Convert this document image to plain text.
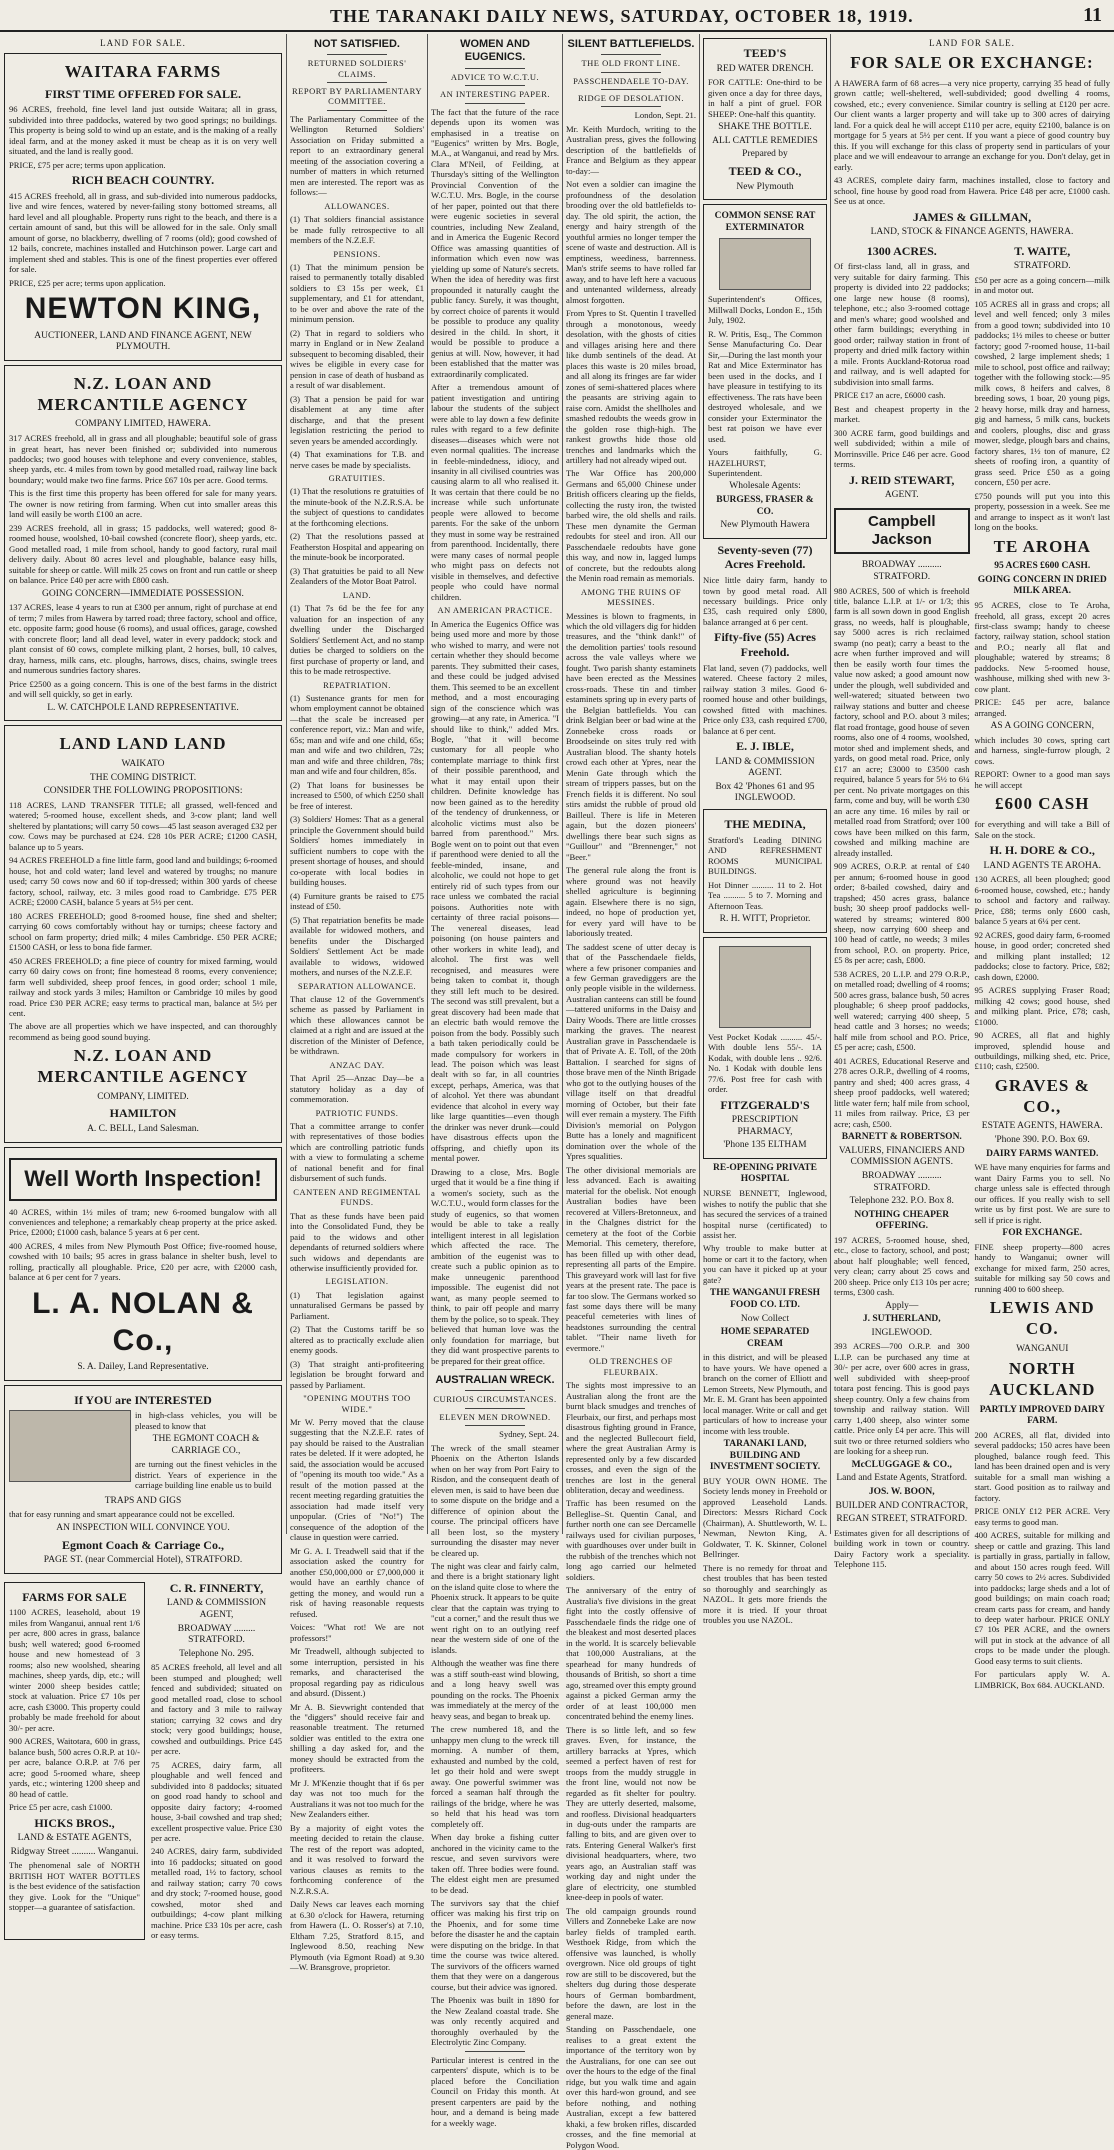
THE TARANAKI DAILY NEWS, SATURDAY, OCTOBER 18, 1919.	11
LAND FOR SALE.
WAITARA FARMS
FIRST TIME OFFERED FOR SALE.

96 ACRES, freehold, fine level land just outside Waitara; all in grass, subdivided into three paddocks, watered by two good springs; no buildings. This property is being sold to wind up an estate, and is the making of a really ideal farm, and at the money asked it must be cheap as it is on very well situated, and the land is really good.

PRICE, £75 per acre; terms upon application.

RICH BEACH COUNTRY.

415 ACRES freehold, all in grass, and sub-divided into numerous paddocks, live and wire fences, watered by never-failing stony bottomed streams, all hard level and all ploughable. Property runs right to the beach, and there is a certain amount of sand, but this will be allowed for in the sale. Only small amount of gorse, no blackberry, dwelling of 7 rooms (old); good cowshed of 12 bails, concrete, machines installed and Hutchinson power. Large cart and implement shed and stables. This is one of the finest properties ever offered for sale.

PRICE, £25 per acre; terms upon application.

NEWTON KING,
AUCTIONEER, LAND AND FINANCE AGENT, NEW PLYMOUTH.
N.Z. LOAN AND MERCANTILE AGENCY
COMPANY LIMITED, HAWERA.

317 ACRES freehold, all in grass and all ploughable; beautiful sole of grass in great heart, has never been finished or; subdivided into numerous paddocks; two good houses with telephone and every convenience, stables, sheep yards, etc. 4 miles from town by good metalled road, railway line back boundary; would make two fine farms. Price £67 10s per acre. Good terms.

This is the first time this property has been offered for sale for many years. The owner is now retiring from farming. When cut into smaller areas this land will easily be worth £100 an acre.

239 ACRES freehold, all in grass; 15 paddocks, well watered; good 8-roomed house, woolshed, 10-bail cowshed (concrete floor), sheep yards, etc. Good metalled road, 1 mile from school, handy to good factory, rural mail delivery daily. About 80 acres level and ploughable, balance easy hills, suitable for sheep or cattle. Will milk 25 cows on front and run cattle or sheep on balance. Price £40 per acre with £800 cash.

GOING CONCERN—IMMEDIATE POSSESSION.

137 ACRES, lease 4 years to run at £300 per annum, right of purchase at end of term; 7 miles from Hawera by tarred road; three factory, school and office, etc. opposite farm; good house (6 rooms), and usual offices, garage, cowshed with concrete floor; land all dead level, water in every paddock; stock and plant consist of 60 cows, complete milking plant, 2 horses, bull, 10 calves, dray, harness, milk cans, etc. ploughs, harrows, discs, chains, swingle trees and numerous sundries factory shares.

Price £2500 as a going concern. This is one of the best farms in the district and will sell quickly, so get in early.

L. W. CATCHPOLE LAND REPRESENTATIVE.
LAND LAND LAND
WAIKATO
THE COMING DISTRICT.
CONSIDER THE FOLLOWING PROPOSITIONS:

118 ACRES, LAND TRANSFER TITLE; all grassed, well-fenced and watered; 5-roomed house, excellent sheds, and 3-cow plant; land well sheltered by plantations; will carry 50 cows—45 last season averaged £32 per cow. Cows may be purchased at £24. £28 10s PER ACRE; £1200 CASH, balance up to 5 years.

94 ACRES FREEHOLD a fine little farm, good land and buildings; 6-roomed house, hot and cold water; land level and watered by troughs; no manure used; carry 50 cows now and 60 if top-dressed; within 300 yards of cheese factory, school, railway, etc. 3 miles good road to Cambridge. £75 PER ACRE; £2000 CASH, balance 5 years at 5½ per cent.

180 ACRES FREEHOLD; good 8-roomed house, fine shed and shelter; carrying 60 cows comfortably without hay or turnips; cheese factory and school on farm property; dried milk; 4 miles Cambridge. £50 PER ACRE; £1500 CASH, or less to bona fide farmer.

450 ACRES FREEHOLD; a fine piece of country for mixed farming, would carry 60 dairy cows on front; fine homestead 8 rooms, every convenience; farm well subdivided, sheep proof fences, in good order; school 1 mile, railway and stock yards 3 miles; Hamilton or Cambridge 10 miles by good road. Price £30 PER ACRE; easy terms to practical man, balance at 5½ per cent.

The above are all properties which we have inspected, and can thoroughly recommend as being good sound buying.

N.Z. LOAN AND MERCANTILE AGENCY
COMPANY, LIMITED.
HAMILTON
A. C. BELL, Land Salesman.
Well Worth Inspection!

40 ACRES, within 1½ miles of tram; new 6-roomed bungalow with all conveniences and telephone; a remarkably cheap property at the price asked. Price, £2000; £1000 cash, balance 5 years at 6 per cent.

400 ACRES, 4 miles from New Plymouth Post Office; five-roomed house, cowshed with 10 bails; 95 acres in grass balance in shelter bush, level to rolling, practically all ploughable. Price, £20 per acre, with £2000 cash, balance at 6 per cent for 7 years.

L. A. NOLAN & Co.,
S. A. Dailey, Land Representative.
If YOU are INTERESTED

in high-class vehicles, you will be pleased to know that

THE EGMONT COACH & CARRIAGE CO.,

are turning out the finest vehicles in the district. Years of experience in the carriage building line enable us to build

TRAPS AND GIGS

that for easy running and smart appearance could not be excelled.

AN INSPECTION WILL CONVINCE YOU.
Egmont Coach & Carriage Co.,
PAGE ST. (near Commercial Hotel), STRATFORD.
FARMS FOR SALE

1100 ACRES, leasehold, about 19 miles from Wanganui, annual rent 1/6 per acre, 800 acres in grass, balance bush; well watered; good 6-roomed house and new homestead of 3 rooms; also new woolshed, shearing machines, sheep yards, dip, etc.; will winter 2000 sheep besides cattle; stock at valuation. Price £7 10s per acre, cash £3000. This property could probably be made freehold for about 30/- per acre.

900 ACRES, Waitotara, 600 in grass, balance bush, 500 acres O.R.P. at 10/- per acre, balance O.R.P. at 7/6 per acre; good 5-roomed whare, sheep yards, etc.; wintering 1200 sheep and 80 head of cattle.

Price £5 per acre, cash £1000.

HICKS BROS.,
LAND & ESTATE AGENTS,
Ridgway Street .......... Wanganui.

The phenomenal sale of NORTH BRITISH HOT WATER BOTTLES is the best evidence of the satisfaction they give. Look for the "Unique" stopper—a guarantee of satisfaction.

C. R. FINNERTY,
LAND & COMMISSION AGENT,
BROADWAY ......... STRATFORD.
Telephone No. 295.

85 ACRES freehold, all level and all been stumped and ploughed; well fenced and subdivided; situated on good metalled road, close to school and factory and 3 mile to railway station; carrying 32 cows and dry stock; very good buildings; house, cowshed and outbuildings. Price £45 per acre.

75 ACRES, dairy farm, all ploughable and well fenced and subdivided into 8 paddocks; situated on good road handy to school and opposite dairy factory; 4-roomed house, 3-bail cowshed and trap shed; excellent prospective value. Price £30 per acre.

240 ACRES, dairy farm, subdivided into 16 paddocks; situated on good metalled road, 1½ to factory, school and railway station; carry 70 cows and dry stock; 7-roomed house, good cowshed, motor shed and outbuildings; 4-cow plant milking machine. Price £33 10s per acre, cash or easy terms.

NOT SATISFIED.
RETURNED SOLDIERS' CLAIMS.
REPORT BY PARLIAMENTARY COMMITTEE.

The Parliamentary Committee of the Wellington Returned Soldiers' Association on Friday submitted a report to an extraordinary general meeting of the association covering a number of matters in which returned men are interested. The report was as follows:—

ALLOWANCES.

(1) That soldiers financial assistance be made fully retrospective to all members of the N.Z.E.F.

PENSIONS.

(1) That the minimum pension be raised to permanently totally disabled soldiers to £3 15s per week, £1 supplementary, and £1 for attendant, to be over and above the rate of the minimum pension.

(2) That in regard to soldiers who marry in England or in New Zealand subsequent to becoming disabled, their wives be eligible in every case for pension in case of death of husband as a result of war disablement.

(3) That a pension be paid for war disablement at any time after discharge, and that the present legislation restricting the period to seven years be amended accordingly.

(4) That examinations for T.B. and nerve cases be made by specialists.

GRATUITIES.

(1) That the resolutions re gratuities of the minute-book of the N.Z.R.S.A. be the subject of questions to candidates at the forthcoming elections.

(2) That the resolutions passed at Featherston Hospital and appearing on the minute-book be incorporated.

(3) That gratuities be paid to all New Zealanders of the Motor Boat Patrol.

LAND.

(1) That 7s 6d be the fee for any valuation for an inspection of any dwelling under the Discharged Soldiers' Settlement Act, and no stamp duties be charged to soldiers on the first purchase of property or land, and this to be made retrospective.

REPATRIATION.

(1) Sustenance grants for men for whom employment cannot be obtained—that the scale be increased per conference report, viz.: Man and wife, 65s; man and wife and one child, 65s; man and wife and two children, 72s; man and wife and three children, 78s; man and wife and four children, 85s.

(2) That loans for businesses be increased to £500, of which £250 shall be free of interest.

(3) Soldiers' Homes: That as a general principle the Government should build Soldiers' homes immediately in sufficient numbers to cope with the present shortage of houses, and should co-operate with local bodies in building houses.

(4) Furniture grants be raised to £75 instead of £50.

(5) That repatriation benefits be made available for widowed mothers, and benefits under the Discharged Soldiers' Settlement Act be made available to widows, widowed mothers, and nurses of the N.Z.E.F.

SEPARATION ALLOWANCE.

That clause 12 of the Government's scheme as passed by Parliament in which these allowances cannot be claimed at a right and are issued at the discretion of the Minister of Defence, be withdrawn.

ANZAC DAY.

That April 25—Anzac Day—be a statutory holiday as a day of commemoration.

PATRIOTIC FUNDS.

That a committee arrange to confer with representatives of those bodies which are controlling patriotic funds with a view to formulating a scheme of national benefit and for final disbursement of such funds.

CANTEEN AND REGIMENTAL FUNDS.

That as these funds have been paid into the Consolidated Fund, they be paid to the widows and other dependants of returned soldiers where such widows and dependants are otherwise insufficiently provided for.

LEGISLATION.

(1) That legislation against unnaturalised Germans be passed by Parliament.

(2) That the Customs tariff be so altered as to practically exclude alien enemy goods.

(3) That straight anti-profiteering legislation be brought forward and passed by Parliament.

"OPENING MOUTHS TOO WIDE."

Mr W. Perry moved that the clause suggesting that the N.Z.E.F. rates of pay should be raised to the Australian rates be deleted. If it were adopted, he said, the association would be accused of "opening its mouth too wide." As a result of the motion passed at the recent meeting regarding gratuities the association had made itself very unpopular. (Cries of "No!") The consequence of the adoption of the clause in question were carried.

Mr G. A. I. Treadwell said that if the association asked the country for another £50,000,000 or £7,000,000 it would have an earthly chance of getting the money, and would run a risk of having reasonable requests refused.

Voices: "What rot! We are not professors!"

Mr Treadwell, although subjected to some interruption, persisted in his remarks, and characterised the proposal regarding pay as ridiculous and absurd. (Dissent.)

Mr A. B. Sievwright contended that the "diggers" should receive fair and reasonable treatment. The returned soldier was entitled to the extra one shilling a day asked for, and the money should be extracted from the profiteers.

Mr J. M'Kenzie thought that if 6s per day was not too much for the Australians it was not too much for the New Zealanders either.

By a majority of eight votes the meeting decided to retain the clause. The rest of the report was adopted, and it was resolved to forward the various clauses as remits to the forthcoming conference of the N.Z.R.S.A.

Daily News car leaves each morning at 6.30 o'clock for Hawera, returning from Hawera (L. O. Rosser's) at 7.10, Eltham 7.25, Stratford 8.15, and Inglewood 8.50, reaching New Plymouth (via Egmont Road) at 9.30—W. Bransgrove, proprietor.

WOMEN AND EUGENICS.
ADVICE TO W.C.T.U.
AN INTERESTING PAPER.

The fact that the future of the race depends upon its women was emphasised in a treatise on "Eugenics" written by Mrs. Bogle, M.A., at Wanganui, and read by Mrs. Clara M'Neil, of Feilding, at Thursday's sitting of the Wellington Provincial Convention of the W.C.T.U. Mrs. Bogle, in the course of her paper, pointed out that there were eugenic societies in several countries, including New Zealand, and in America the Eugenic Record Office was amassing quantities of information which even now was yielding up some of Nature's secrets. When the idea of heredity was first propounded it naturally caught the public fancy. Surely, it was thought, by correct choice of parents it would be possible to produce any quality desired in the child. In short, it would be possible to produce a genius at will. Now, however, it had been established that the matter was extraordinarily complicated.

After a tremendous amount of patient investigation and untiring labour the students of the subject were able to lay down a few definite rules with regard to a few definite diseases—diseases which were not even normal qualities. The increase in feeble-mindedness, idiocy, and insanity in all civilised countries was causing alarm to all who realised it. It was certain that there could be no increase while such unfortunate people were allowed to become parents. For the sake of the unborn they must in some way be restrained from parenthood. Incidentally, there were many cases of normal people who might pass on defects not visible in themselves, and defective people who could have normal children.

AN AMERICAN PRACTICE.

In America the Eugenics Office was being used more and more by those who wished to marry, and were not certain whether they should become parents. They submitted their cases, and these could be judged advised them. This seemed to be an excellent method, and a most encouraging sign of the conscience which was growing—at any rate, in America. "I should like to think," added Mrs. Bogle, "that it will become customary for all people who contemplate marriage to think first of their possible parenthood, and what it may entail upon their children. Definite knowledge has now been gained as to the heredity of the tendency of drunkenness, or alcoholic victims must also be barred from parenthood." Mrs. Bogle went on to point out that even if parenthood were denied to all the feeble-minded, insane, and alcoholic, we could not hope to get entirely rid of such types from our race unless we combated the racial poisons. Authorities note with certainty of three racial poisons—The venereal diseases, lead poisoning (on house painters and other workers in white lead), and alcohol. The first was well recognised, and measures were being taken to combat it, though they still left much to be desired. The second was still prevalent, but a great discovery had been made that an electric bath would remove the poison from the body. Possibly such a bath taken periodically could be made compulsory for workers in lead. The poison which was least dealt with so far, in all countries except, perhaps, America, was that of alcohol. Yet there was abundant evidence that alcohol in every way like large quantities—even though the drinker was never drunk—could have disastrous effects upon the offspring, and chiefly upon its mental power.

Drawing to a close, Mrs. Bogle urged that it would be a fine thing if a women's society, such as the W.C.T.U., would form classes for the study of eugenics, so that women would be able to take a really intelligent interest in all legislation which affected the race. The ambition of the eugenist was to create such a public opinion as to make unneugenic parenthood impossible. The eugenist did not want, as many people seemed to think, to pair off people and marry them by the police, so to speak. They believed that human love was the only foundation for marriage, but they did want prospective parents to be prepared for their great office.

AUSTRALIAN WRECK.
CURIOUS CIRCUMSTANCES.
ELEVEN MEN DROWNED.

Sydney, Sept. 24.

The wreck of the small steamer Phoenix on the Atherton Islands when on her way from Port Fairy to Risdon, and the consequent death of eleven men, is said to have been due to some dispute on the bridge and a difference of opinion about the course. The principal officers have all been lost, so the mystery surrounding the disaster may never be cleared up.

The night was clear and fairly calm, and there is a bright stationary light on the island quite close to where the Phoenix struck. It appears to be quite clear that the captain was trying to "cut a corner," and the result thus we went right on to an outlying reef near the western side of one of the islands.

Although the weather was fine there was a stiff south-east wind blowing, and a long heavy swell was pounding on the rocks. The Phoenix was immediately at the mercy of the heavy seas, and began to break up.

The crew numbered 18, and the unhappy men clung to the wreck till morning. A number of them, exhausted and numbed by the cold, let go their hold and were swept away. One powerful swimmer was forced a seaman half through the railings of the bridge, where he was so held that his head was torn completely off.

When day broke a fishing cutter anchored in the vicinity came to the rescue, and seven survivors were taken off. Three bodies were found. The eldest eight men are presumed to be dead.

The survivors say that the chief officer was making his first trip on the Phoenix, and for some time before the disaster he and the captain were disputing on the bridge. In that time the course was twice altered. The survivors of the officers warned them that they were on a dangerous course, but their advice was ignored.

The Phoenix was built in 1890 for the New Zealand coastal trade. She was only recently acquired and thoroughly overhauled by the Electrolytic Zinc Company.

Particular interest is centred in the carpenters' dispute, which is to be placed before the Conciliation Council on Friday this month. At present carpenters are paid by the hour, and a demand is being made for a weekly wage.

SILENT BATTLEFIELDS.
THE OLD FRONT LINE.
PASSCHENDAELE TO-DAY.
RIDGE OF DESOLATION.

London, Sept. 21.

Mr. Keith Murdoch, writing to the Australian press, gives the following description of the battlefields of France and Belgium as they appear to-day:—

Not even a soldier can imagine the profoundness of the desolation brooding over the old battlefields to-day. The old spirit, the action, the energy and hairy strength of the youthful armies no longer temper the scene of waste and destruction. All is emptiness, weediness, barrenness. Man's strife seems to have rolled far away, and to have left here a vacuous and untenanted wilderness, already almost forgotten.

From Ypres to St. Quentin I travelled through a monotonous, weedy desolation, with the ghosts of cities and villages arising here and there like dumb sentinels of the dead. At places this waste is 20 miles broad, and all along its fringes are far wider zones of semi-shattered places where the peasants are striving again to raise corn. Amidst the shellholes and smashed redoubts the weeds grow in the golden rose thigh-high. The rankest growths hide those old trenches and landmarks which the artillery had not already wiped out.

The War Office has 200,000 Germans and 65,000 Chinese under British officers clearing up the fields, collecting the rusty iron, the twisted barbed wire, the old shells and rails. These men dynamite the German redoubts for steel and iron. All our Passchendaele redoubts have gone this way, and now in, lagged lumps of concrete, but the redoubts along the Menin road remain as memorials.

AMONG THE RUINS OF MESSINES.

Messines is blown to fragments, in which the old villagers dig for hidden treasures, and the "think dank!" of the demolition parties' tools resound across the vale valleys where we fought. Two parish shanty estaminets have been erected as the Messines cross-roads. These tin and timber estaminets spring up in every parts of the Belgian battlefields. You can drink Belgian beer or bad wine at the Zonnebeke cross roads or Broodseinde on sites truly red with Australian blood. The shanty hotels crowd each other at Ypres, near the Menin Gate through which the stream of trippers passes, but on the French fields it is different. No soul stirs amidst the rubble of proud old Bailleul. There is life in Meteren again, but the dozen pioneers' dwellings there bear such signs as "Guillour" and "Brennenger," not "Beer."

The general rule along the front is where ground was not heavily shelled agriculture is beginning again. Elsewhere there is no sign, indeed, no hope of production yet, for every yard will have to be laboriously treated.

The saddest scene of utter decay is that of the Passchendaele fields, where a few prisoner companies and a few German gravediggers are the only people visible in the wilderness. Australian canteens can still be found—tattered uniforms in the Daisy and Dairy Woods. There are little crosses marking the graves. The nearest Australian grave in Passchendaele is that of Private A. E. Toll, of the 20th Battalion. I searched for signs of those brave men of the Ninth Brigade who got to the outlying houses of the village itself on that dreadful morning of October, but their fate will ever remain a mystery. The Fifth Division's memorial on Polygon Butte has a lonely and magnificent domination over the whole of the Ypres squalities.

The other divisional memorials are less advanced. Each is awaiting material for the obelisk. Not enough Australian bodies have been recovered at Villers-Bretonneux, and in the Chalgnes district for the cemetery at the foot of the Corbie Memorial. This cemetery, therefore, has been filled up with other dead, representing all parts of the Empire. This graveyard work will last for five years at the present rate. The pace is far too slow. The Germans worked so fast some days there will be many peaceful cemeteries with lines of headstones surrounding the central tablet. "Their name liveth for evermore."

OLD TRENCHES OF FLEURBAIX.

The sights most impressive to an Australian along the front are the burnt black smudges and trenches of Fleurbaix, our first, and perhaps most disastrous fighting ground in France, and the neglected Bullecourt field, where the great Australian Army is represented only by a few discarded crosses, and even the sign of the trenches are lost in the general obliteration, decay and weediness.

Traffic has been resumed on the Belleglise–St. Quentin Canal, and further north one can see Dercamelle railways used for civilian purposes, with guardhouses over under built in the rubbish of the trenches which not long ago carried our helmeted soldiers.

The anniversary of the entry of Australia's five divisions in the great fight into the costly offensive of Passchendaele finds the ridge one of the bleakest and most deserted places in the world. It is scarcely believable that 100,000 Australians, at the spearhead for many hundreds of thousands of British, so short a time ago, streamed over this empty ground against a picked German army the order of at least 100,000 men concentrated behind the enemy lines.

There is so little left, and so few graves. Even, for instance, the artillery barracks at Ypres, which seemed a perfect haven of rest for troops from the muddy struggle in the front line, would not now be regarded as fit shelter for poultry. They are utterly deserted, malsome, and roofless. Divisional headquarters in dug-outs under the ramparts are falling to bits, and are given over to rats. Entering General Walker's first divisional headquarters, where, two years ago, an Australian staff was working day and night under the glare of electricity, one stumbled knee-deep in pools of water.

The old campaign grounds round Villers and Zonnebeke Lake are now barley fields of trampled earth. Westhoek Ridge, from which the offensive was launched, is wholly overgrown. Nice old groups of tight row are still to be discovered, but the shelters dug during those desperate hours of German bombardment, before the dawn, are lost in the general maze.

Standing on Passchendaele, one realises to a great extent the importance of the territory won by the Australians, for one can see out over the hours to the edge of the final ridge, but you walk time and again over this hard-won ground, and see before nothing, and nothing Australian, except a few battered khaki, a few broken rifles, discarded crosses, and the fine memorial at Polygon Wood.

TEED'S
RED WATER DRENCH.

FOR CATTLE: One-third to be given once a day for three days, in half a pint of gruel. FOR SHEEP: One-half this quantity.

SHAKE THE BOTTLE.
ALL CATTLE REMEDIES
Prepared by
TEED & CO.,
New Plymouth
COMMON SENSE RAT EXTERMINATOR

Superintendent's Offices, Millwall Docks, London E., 15th July, 1902.

R. W. Pritis, Esq., The Common Sense Manufacturing Co. Dear Sir,—During the last month your Rat and Mice Exterminator has been used in the docks, and I have pleasure in testifying to its effectiveness. The rats have been destroyed wholesale, and we consider your Exterminator the best rat poison we have ever used.

Yours faithfully, G. HAZELHURST, Superintendent.

Wholesale Agents:
BURGESS, FRASER & CO.
New Plymouth Hawera
Seventy-seven (77) Acres Freehold.

Nice little dairy farm, handy to town by good metal road. All necessary buildings. Price only £35, cash required only £800, balance arranged at 6 per cent.

Fifty-five (55) Acres Freehold.

Flat land, seven (7) paddocks, well watered. Cheese factory 2 miles, railway station 3 miles. Good 6-roomed house and other buildings, cowshed fitted with machines. Price only £33, cash required £700, balance at 6 per cent.

E. J. IBLE,
LAND & COMMISSION AGENT.
Box 42 'Phones 61 and 95 INGLEWOOD.
THE MEDINA,

Stratford's Leading DINING AND REFRESHMENT ROOMS MUNICIPAL BUILDINGS.

Hot Dinner .......... 11 to 2. Hot Tea .......... 5 to 7. Morning and Afternoon Teas.

R. H. WITT, Proprietor.

Vest Pocket Kodak .......... 45/-. With double lens 55/-. 1A Kodak, with double lens .. 92/6. No. 1 Kodak with double lens 77/6. Post free for cash with order.

FITZGERALD'S
PRESCRIPTION PHARMACY,
'Phone 135 ELTHAM
RE-OPENING PRIVATE HOSPITAL

NURSE BENNETT, Inglewood, wishes to notify the public that she has secured the services of a trained hospital nurse (certificated) to assist her.

Why trouble to make butter at home or cart it to the factory, when you can have it picked up at your gate?

THE WANGANUI FRESH FOOD CO. LTD.
Now Collect
HOME SEPARATED CREAM

in this district, and will be pleased to have yours. We have opened a branch on the corner of Elliott and Lemon Streets, New Plymouth, and Mr. E. M. Grant has been appointed local manager. Write or call and get particulars of how to increase your income with less trouble.

TARANAKI LAND, BUILDING AND INVESTMENT SOCIETY.

BUY YOUR OWN HOME. The Society lends money in Freehold or approved Leasehold Lands. Directors: Messrs Richard Cock (Chairman), A. Shuttleworth, W. L. Newman, Newton King, A. Goldwater, T. K. Skinner, Colonel Bellringer.

There is no remedy for throat and chest troubles that has been tested so thoroughly and searchingly as NAZOL. It gets more friends the more it is tried. If your throat troubles you use NAZOL.

LAND FOR SALE.
FOR SALE OR EXCHANGE:

A HAWERA farm of 68 acres—a very nice property, carrying 35 head of fully grown cattle; well-sheltered, well-subdivided; good dwelling 4 rooms, cowshed, etc.; every convenience. Similar country is selling at £120 per acre. Our client wants a larger property and will take up to 300 acres of dairying land. For a quick deal he will accept £110 per acre, equity £2100, balance is on mortgage for 5 years at 5½ per cent. If you want a piece of good country buy this. If you will exchange for this class of property send in particulars of your place and we will endeavour to arrange an exchange for you. Don't delay, get in early.

43 ACRES, complete dairy farm, machines installed, close to factory and school, fine house by good road from Hawera. Price £48 per acre, £1000 cash. See us at once.

JAMES & GILLMAN,
LAND, STOCK & FINANCE AGENTS, HAWERA.
1300 ACRES.

Of first-class land, all in grass, and very suitable for dairy farming. This property is divided into 22 paddocks; one large new house (8 rooms), telephone, etc.; also 3-roomed cottage and men's whare; good woolshed and other farm buildings; everything in good order; railway station in front of property and dried milk factory within a mile. Fronts Auckland-Rotorua road and railway, and is well adapted for subdivision into small farms.

PRICE £17 an acre, £6000 cash.

Best and cheapest property in the market.

300 ACRE farm, good buildings and well subdivided; within a mile of Morrinsville. Price £46 per acre. Good terms.

J. REID STEWART,
AGENT.
Campbell Jackson
BROADWAY .......... STRATFORD.

980 ACRES, 500 of which is freehold title, balance L.I.P. at 1/- or 1/3; this farm is all sown down in good English grass, no weeds, half is ploughable, say 5000 acres is rich reclaimed swamp (no peat); carry a beast to the acre when further improved and will then be easily worth four times the value now asked; a good amount now under the plough, well subdivided and well-watered; situated between two railway stations and butter and cheese factory, school and P.O. about 3 miles; flat road frontage, good house of seven rooms, also one of 4 rooms, woolshed, motor shed and implement sheds, and yards, on good metal road. Price, only £17 an acre; £3000 to £3500 cash required, balance 5 years for 5½ to 6¼ per cent. No private mortgages on this farm, come and buy, will be worth £30 an acre any time. 16 miles by rail or metalled road from Stratford; over 100 cows have been milked on this farm, cowshed and milking machine are already installed.

909 ACRES, O.R.P. at rental of £40 per annum; 6-roomed house in good order; 8-bailed cowshed, dairy and trapshed; 450 acres grass, balance bush; 30 sheep proof paddocks well-watered by streams; wintered 800 sheep, now carrying 600 sheep and 100 head of cattle, no weeds; 3 miles from school, P.O. on property. Price, £5 8s per acre; cash, £800.

538 ACRES, 20 L.I.P. and 279 O.R.P., on metalled road; dwelling of 4 rooms; 500 acres grass, balance bush, 50 acres ploughable; 6 sheep proof paddocks, well watered; carrying 400 sheep, 5 head cattle and 3 horses; no weeds; half mile from school and P.O. Price, £5 per acre; cash, £500.

401 ACRES, Educational Reserve and 278 acres O.R.P., dwelling of 4 rooms, pantry and shed; 400 acres grass, 4 sheep proof paddocks, well watered; little water fern; half mile from school, 11 miles from railway. Price, £3 per acre; cash, £500.

BARNETT & ROBERTSON.
VALUERS, FINANCIERS AND COMMISSION AGENTS.
BROADWAY .......... STRATFORD.
Telephone 232. P.O. Box 8.
NOTHING CHEAPER OFFERING.

197 ACRES, 5-roomed house, shed, etc., close to factory, school, and post; about half ploughable; well fenced, very clean; carry about 25 cows and 200 sheep. Price only £13 10s per acre; terms, £300 cash.

Apply—
J. SUTHERLAND,
INGLEWOOD.

393 ACRES—700 O.R.P. and 300 L.I.P. can be purchased any time at 30/- per acre, over 600 acres in grass, well subdivided with sheep-proof totara post fencing. This is good pays sheep country. Only a few chains from township and railway station. Will carry 1,400 sheep, also winter some cattle. Price only £4 per acre. This will suit two or three returned soldiers who are looking for a sheep run.

McCLUGGAGE & CO.,
Land and Estate Agents, Stratford.
JOS. W. BOON,
BUILDER AND CONTRACTOR,
REGAN STREET, STRATFORD.

Estimates given for all descriptions of building work in town or country. Dairy Factory work a speciality. Telephone 115.

T. WAITE,
STRATFORD.

£50 per acre as a going concern—milk in and motor out.

105 ACRES all in grass and crops; all level and well fenced; only 3 miles from a good town; subdivided into 10 paddocks; 1½ miles to cheese or butter factory; good 7-roomed house, 11-bail cowshed, 2 large implement sheds; 1 mile to school, post office and railway; together with the following stock:—95 milk cows, 8 heifers and calves, 8 breeding sows, 1 boar, 20 young pigs, 2 heavy horse, milk dray and harness, gig and harness, 5 milk cans, buckets and coolers, ploughs, disc and grass mower, sledge, plough bars and chains, factory shares, 1½ ton of manure, £2 sheets of roofing iron, a quantity of grass seed. Price £50 as a going concern, £50 per acre.

£750 pounds will put you into this property, possession in a week. See me and arrange to inspect as it won't last long on the books.

TE AROHA
95 ACRES £600 CASH.
GOING CONCERN IN DRIED MILK AREA.

95 ACRES, close to Te Aroha, freehold, all grass, except 20 acres first-class swamp; handy to cheese factory, railway station, school station and P.O.; nearly all flat and ploughable; watered by streams; 8 paddocks. New 5-roomed house, washhouse, milking shed with new 3-cow plant.

PRICE: £45 per acre, balance arranged.

AS A GOING CONCERN,

which includes 30 cows, spring cart and harness, single-furrow plough, 2 cows.

REPORT: Owner to a good man says he will accept

£600 CASH

for everything and will take a Bill of Sale on the stock.

H. H. DORE & CO.,
LAND AGENTS TE AROHA.

130 ACRES, all been ploughed; good 6-roomed house, cowshed, etc.; handy to school and factory and railway. Price, £88; terms only £600 cash, balance 5 years at 6¼ per cent.

92 ACRES, good dairy farm, 6-roomed house, in good order; concreted shed and milking plant installed; 12 paddocks; close to factory. Price, £82; cash down, £2000.

95 ACRES supplying Fraser Road; milking 42 cows; good house, shed and milking plant. Price, £78; cash, £1000.

90 ACRES, all flat and highly improved, splendid house and outbuildings, milking shed, etc. Price, £110; cash, £2500.

GRAVES & CO.,
ESTATE AGENTS, HAWERA.
'Phone 390. P.O. Box 69.
DAIRY FARMS WANTED.

WE have many enquiries for farms and want Dairy Farms you to sell. No charge unless sale is effected through our offices. If you really wish to sell write us by first post. We are sure to sell if price is right.

FOR EXCHANGE.

FINE sheep property—800 acres handy to Wanganui; owner will exchange for mixed farm, 250 acres, suitable for milking say 50 cows and running 400 to 600 sheep.

LEWIS AND CO.
WANGANUI
NORTH AUCKLAND
PARTLY IMPROVED DAIRY FARM.

200 ACRES, all flat, divided into several paddocks; 150 acres have been ploughed, balance rough feed. This land has been drained open and is very suitable for a small man wishing a start. Good position as to railway and factory.

PRICE ONLY £12 PER ACRE. Very easy terms to good man.

400 ACRES, suitable for milking and sheep or cattle and grazing. This land is partially in grass, partially in fallow, and about 150 acres rough feed. Will carry 50 cows to 2½ acres. Subdivided into paddocks; large sheds and a lot of good buildings; on main coach road; cream carts pass for cream, and handy to deep water harbour. PRICE ONLY £7 10s PER ACRE, and the owners will put in stock at the advance of all crops to be made under the plough. Good easy terms to suit clients.

For particulars apply W. A. LIMBRICK, Box 684. AUCKLAND.
